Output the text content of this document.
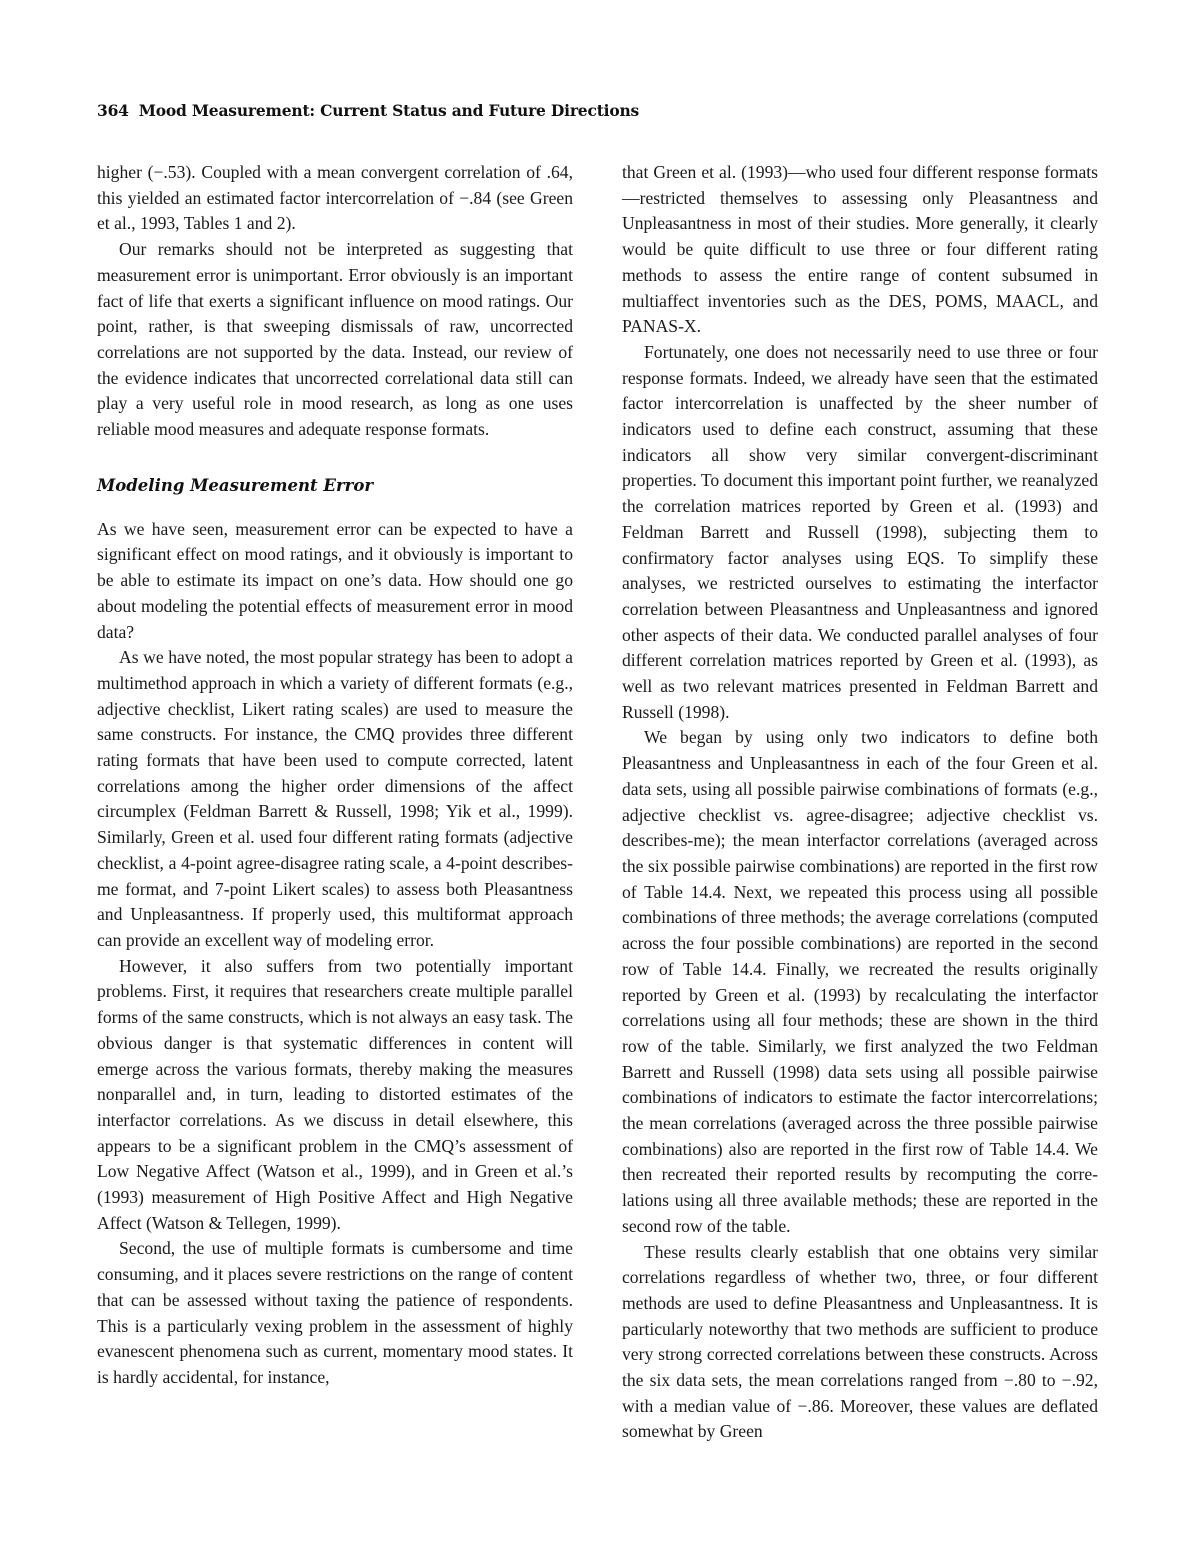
364 Mood Measurement: Current Status and Future Directions

higher (−.53). Coupled with a mean convergent correlation of .64, this yielded an estimated factor intercorrelation of −.84 (see Green et al., 1993, Tables 1 and 2).

Our remarks should not be interpreted as suggesting that measurement error is unimportant. Error obviously is an important fact of life that exerts a significant influence on mood ratings. Our point, rather, is that sweeping dismissals of raw, uncorrected correlations are not supported by the data. Instead, our review of the evidence indicates that uncorrected correlational data still can play a very useful role in mood research, as long as one uses reliable mood measures and adequate response formats.

Modeling Measurement Error

As we have seen, measurement error can be expected to have a significant effect on mood ratings, and it obviously is important to be able to estimate its impact on one’s data. How should one go about modeling the potential effects of measurement error in mood data?

As we have noted, the most popular strategy has been to adopt a multimethod approach in which a variety of different formats (e.g., adjective checklist, Likert rating scales) are used to measure the same constructs. For instance, the CMQ provides three different rating formats that have been used to compute corrected, latent correlations among the higher order dimensions of the affect circumplex (Feldman Barrett & Russell, 1998; Yik et al., 1999). Similarly, Green et al. used four different rating formats (adjective checklist, a 4-point agree-disagree rating scale, a 4-point describes-me format, and 7-point Likert scales) to assess both Pleasantness and Unpleasantness. If properly used, this multiformat approach can provide an excellent way of modeling error.

However, it also suffers from two potentially important problems. First, it requires that researchers create multiple parallel forms of the same constructs, which is not always an easy task. The obvious danger is that systematic differences in content will emerge across the various formats, thereby making the measures nonparallel and, in turn, leading to distorted estimates of the interfactor correlations. As we discuss in detail elsewhere, this appears to be a significant problem in the CMQ’s assessment of Low Negative Affect (Watson et al., 1999), and in Green et al.’s (1993) measurement of High Positive Affect and High Negative Affect (Watson & Tellegen, 1999).

Second, the use of multiple formats is cumbersome and time consuming, and it places severe restrictions on the range of content that can be assessed without taxing the patience of respondents. This is a particularly vexing problem in the assessment of highly evanescent phenomena such as current, momentary mood states. It is hardly accidental, for instance,

that Green et al. (1993)—who used four different response formats—restricted themselves to assessing only Pleasantness and Unpleasantness in most of their studies. More generally, it clearly would be quite difficult to use three or four different rating methods to assess the entire range of content subsumed in multiaffect inventories such as the DES, POMS, MAACL, and PANAS-X.

Fortunately, one does not necessarily need to use three or four response formats. Indeed, we already have seen that the estimated factor intercorrelation is unaffected by the sheer number of indicators used to define each construct, assuming that these indicators all show very similar convergent-discriminant properties. To document this important point further, we reanalyzed the correlation matrices reported by Green et al. (1993) and Feldman Barrett and Russell (1998), subjecting them to confirmatory factor analyses using EQS. To simplify these analyses, we restricted ourselves to estimating the interfactor correlation between Pleasantness and Unpleasantness and ignored other aspects of their data. We conducted parallel analyses of four different correlation matrices reported by Green et al. (1993), as well as two relevant matrices presented in Feldman Barrett and Russell (1998).

We began by using only two indicators to define both Pleasantness and Unpleasantness in each of the four Green et al. data sets, using all possible pairwise combinations of formats (e.g., adjective checklist vs. agree-disagree; adjective checklist vs. describes-me); the mean interfactor correlations (averaged across the six possible pairwise combinations) are reported in the first row of Table 14.4. Next, we repeated this process using all possible combinations of three methods; the average correlations (computed across the four possible combinations) are reported in the second row of Table 14.4. Finally, we recreated the results originally reported by Green et al. (1993) by recalculating the interfactor correlations using all four methods; these are shown in the third row of the table. Similarly, we first analyzed the two Feldman Barrett and Russell (1998) data sets using all possible pairwise combinations of indicators to estimate the factor intercorrelations; the mean correlations (averaged across the three possible pairwise combinations) also are reported in the first row of Table 14.4. We then recreated their reported results by recomputing the correlations using all three available methods; these are reported in the second row of the table.

These results clearly establish that one obtains very similar correlations regardless of whether two, three, or four different methods are used to define Pleasantness and Unpleasantness. It is particularly noteworthy that two methods are sufficient to produce very strong corrected correlations between these constructs. Across the six data sets, the mean correlations ranged from −.80 to −.92, with a median value of −.86. Moreover, these values are deflated somewhat by Green
